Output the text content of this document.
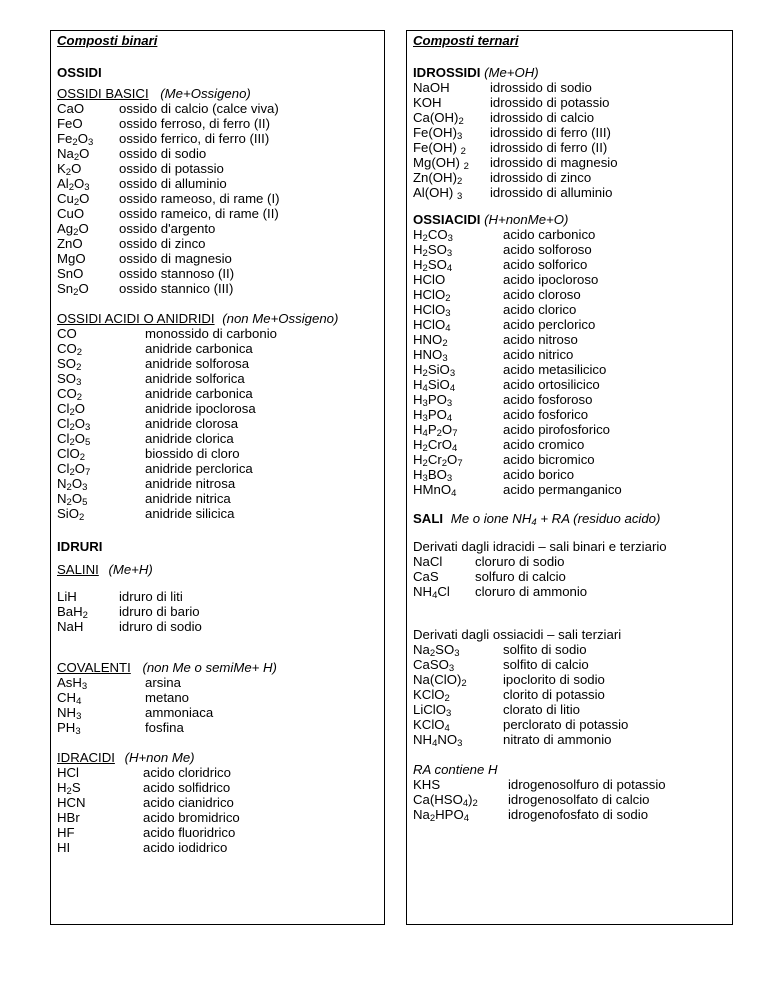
Composti binari
OSSIDI
OSSIDI BASICI (Me+Ossigeno)
CaO	ossido di calcio (calce viva)
FeO	ossido ferroso, di ferro (II)
$Fe_2O_3$ ossido ferrico, di ferro (III)
$Na_2O$ ossido di sodio
$K_2O$	ossido di potassio
$Al_2O_3$ ossido di alluminio
$Cu_2O$ ossido rameoso, di rame (I)
CuO	ossido rameico, di rame (II)
$Ag_2O$ ossido d'argento
ZnO	ossido di zinco
MgO	ossido di magnesio
SnO	ossido stannoso (II)
$Sn_2O$ ossido stannico (III)
OSSIDI ACIDI O ANIDRIDI (non Me+Ossigeno)
CO	monossido di carbonio
$CO_2$	anidride carbonica
$SO_2$	anidride solforosa
$SO_3$	anidride solforica
$CO_2$	anidride carbonica
$Cl_2O$	anidride ipoclorosa
$Cl_2O_3$	anidride clorosa
$Cl_2O_5$	anidride clorica
ClO$_2$	biossido di cloro
$Cl_2O_7$	anidride perclorica
$N_2O_3$	anidride nitrosa
$N_2O_5$	anidride nitrica
SiO$_2$	anidride silicica
IDRURI
SALINI (Me+H)
LiH	idruro di liti
BaH$_2$ idruro di bario
NaH	idruro di sodio
COVALENTI (non Me o semiMe+ H)
AsH$_3$	arsina
$CH_4$	metano
$NH_3$	ammoniaca
$PH_3$	fosfina
IDRACIDI (H+non Me)
HCl	acido cloridrico
$H_2S$	acido solfidrico
HCN	acido cianidrico
HBr	acido bromidrico
HF	acido fluoridrico
HI	acido iodidrico
Composti ternari
IDROSSIDI (Me+OH)
NaOH	idrossido di sodio
KOH	idrossido di potassio
$Ca(OH)_2$ idrossido di calcio
$Fe(OH)_3$ idrossido di ferro (III)
Fe(OH) $_2$ idrossido di ferro (II)
Mg(OH) $_2$ idrossido di magnesio
$Zn(OH)_2$ idrossido di zinco
Al(OH) $_3$ idrossido di alluminio
OSSIACIDI (H+nonMe+O)
$H_2CO_3$	acido carbonico
$H_2SO_3$	acido solforoso
$H_2SO_4$	acido solforico
HClO	acido ipocloroso
HClO$_2$	acido cloroso
HClO$_3$	acido clorico
HClO$_4$	acido perclorico
$HNO_2$	acido nitroso
$HNO_3$	acido nitrico
$H_2SiO_3$	acido metasilicico
$H_4SiO_4$	acido ortosilicico
$H_3PO_3$	acido fosforoso
$H_3PO_4$	acido fosforico
$H_4P_2O_7$	acido pirofosforico
$H_2CrO_4$	acido cromico
$H_2Cr_2O_7$	acido bicromico
$H_3BO_3$	acido borico
HMnO$_4$	acido permanganico
SALI Me o ione $NH_4$ + RA (residuo acido)
Derivati dagli idracidi – sali binari e terziario
NaCl cloruro di sodio
CaS	solfuro di calcio
$NH_4Cl$ cloruro di ammonio
Derivati dagli ossiacidi – sali terziari
$Na_2SO_3$	solfito di sodio
CaSO$_3$	solfito di calcio
$Na(ClO)_2$	ipoclorito di sodio
KClO$_2$	clorito di potassio
LiClO$_3$	clorato di litio
KClO$_4$	perclorato di potassio
$NH_4NO_3$	nitrato di ammonio
RA contiene H
KHS	idrogenosolfuro di potassio
$Ca(HSO_4)_2$ idrogenosolfato di calcio
$Na_2HPO_4$	idrogenofosfato di sodio
